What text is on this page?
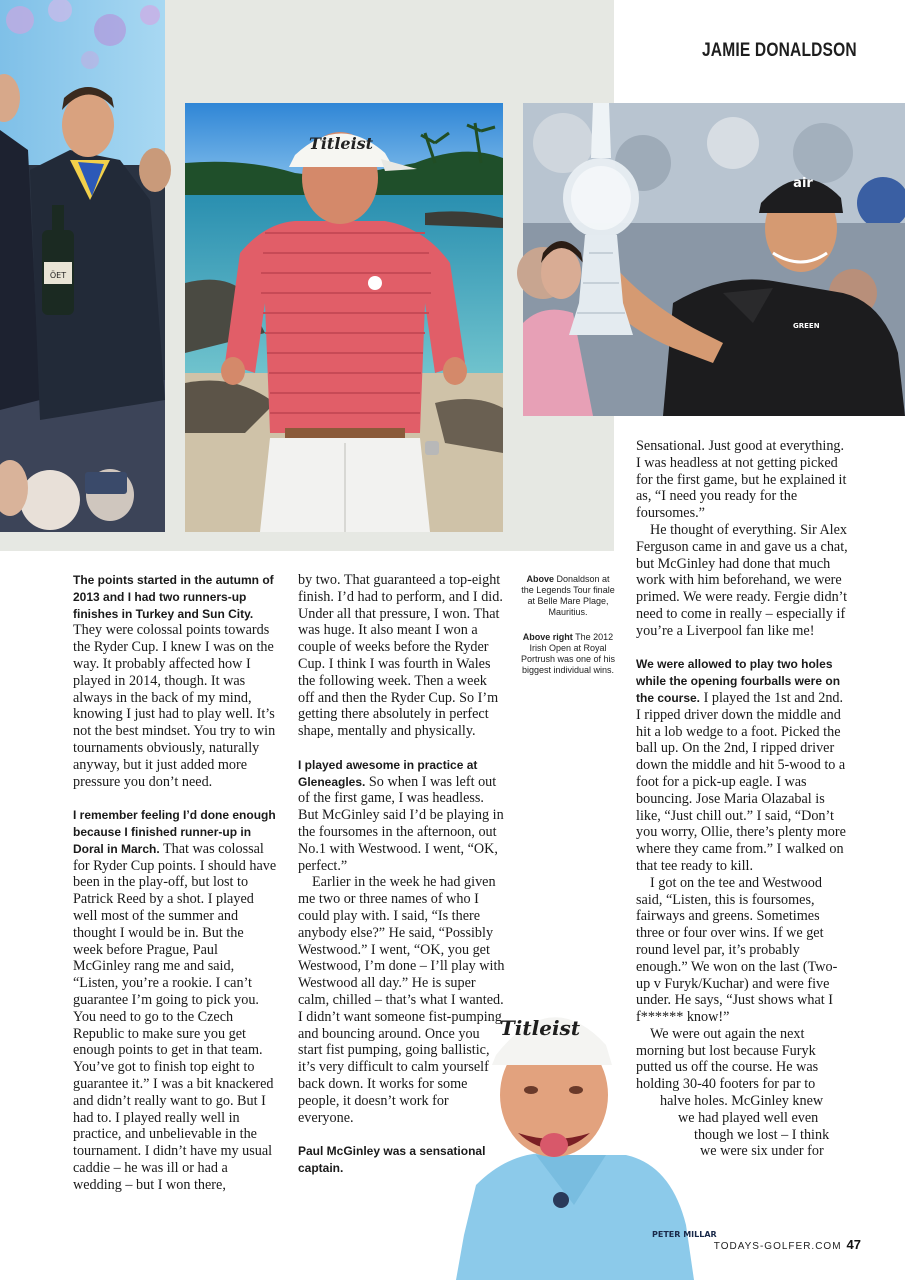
JAMIE DONALDSON
ÖET
Titleist
GREEN
air
PETER MILLAR
Titleist

The points started in the autumn of 2013 and I had two runners-up finishes in Turkey and Sun City. They were colossal points towards the Ryder Cup. I knew I was on the way. It probably affected how I played in 2014, though. It was always in the back of my mind, knowing I just had to play well. It’s not the best mindset. You try to win tournaments obviously, naturally anyway, but it just added more pressure you don’t need.

I remember feeling I’d done enough because I finished runner-up in Doral in March. That was colossal for Ryder Cup points. I should have been in the play-off, but lost to Patrick Reed by a shot. I played well most of the summer and thought I would be in. But the week before Prague, Paul McGinley rang me and said, “Listen, you’re a rookie. I can’t guarantee I’m going to pick you. You need to go to the Czech Republic to make sure you get enough points to get in that team. You’ve got to finish top eight to guarantee it.” I was a bit knackered and didn’t really want to go. But I had to. I played really well in practice, and unbelievable in the tournament. I didn’t have my usual caddie – he was ill or had a wedding – but I won there,

by two. That guaranteed a top-eight finish. I’d had to perform, and I did. Under all that pressure, I won. That was huge. It also meant I won a couple of weeks before the Ryder Cup. I think I was fourth in Wales the following week. Then a week off and then the Ryder Cup. So I’m getting there absolutely in perfect shape, mentally and physically.

I played awesome in practice at Gleneagles. So when I was left out of the first game, I was headless. But McGinley said I’d be playing in the foursomes in the afternoon, out No.1 with Westwood. I went, “OK, perfect.”

Earlier in the week he had given me two or three names of who I could play with. I said, “Is there anybody else?” He said, “Possibly Westwood.” I went, “OK, you get Westwood, I’m done – I’ll play with Westwood all day.” He is super calm, chilled – that’s what I wanted. I didn’t want someone fist-pumping and bouncing around. Once you start fist pumping, going ballistic, it’s very difficult to calm yourself back down. It works for some people, it doesn’t work for everyone.

Paul McGinley was a sensational captain.

Above Donaldson at the Legends Tour finale at Belle Mare Plage, Mauritius.
Above right The 2012 Irish Open at Royal Portrush was one of his biggest individual wins.

Sensational. Just good at everything. I was headless at not getting picked for the first game, but he explained it as, “I need you ready for the foursomes.”

He thought of everything. Sir Alex Ferguson came in and gave us a chat, but McGinley had done that much work with him beforehand, we were primed. We were ready. Fergie didn’t need to come in really – especially if you’re a Liverpool fan like me!

We were allowed to play two holes while the opening fourballs were on the course. I played the 1st and 2nd. I ripped driver down the middle and hit a lob wedge to a foot. Picked the ball up. On the 2nd, I ripped driver down the middle and hit 5-wood to a foot for a pick-up eagle. I was bouncing. Jose Maria Olazabal is like, “Just chill out.” I said, “Don’t you worry, Ollie, there’s plenty more where they came from.” I walked on that tee ready to kill.

I got on the tee and Westwood said, “Listen, this is foursomes, fairways and greens. Sometimes three or four over wins. If we get round level par, it’s probably enough.” We won on the last (Two-up v Furyk/Kuchar) and were five under. He says, “Just shows what I f****** know!”

We were out again the next
morning but lost because Furyk
putted us off the course. He was
holding 30-40 footers for par to
halve holes. McGinley knew
we had played well even
though we lost – I think
we were six under for

TODAYS-GOLFER.COM 47
